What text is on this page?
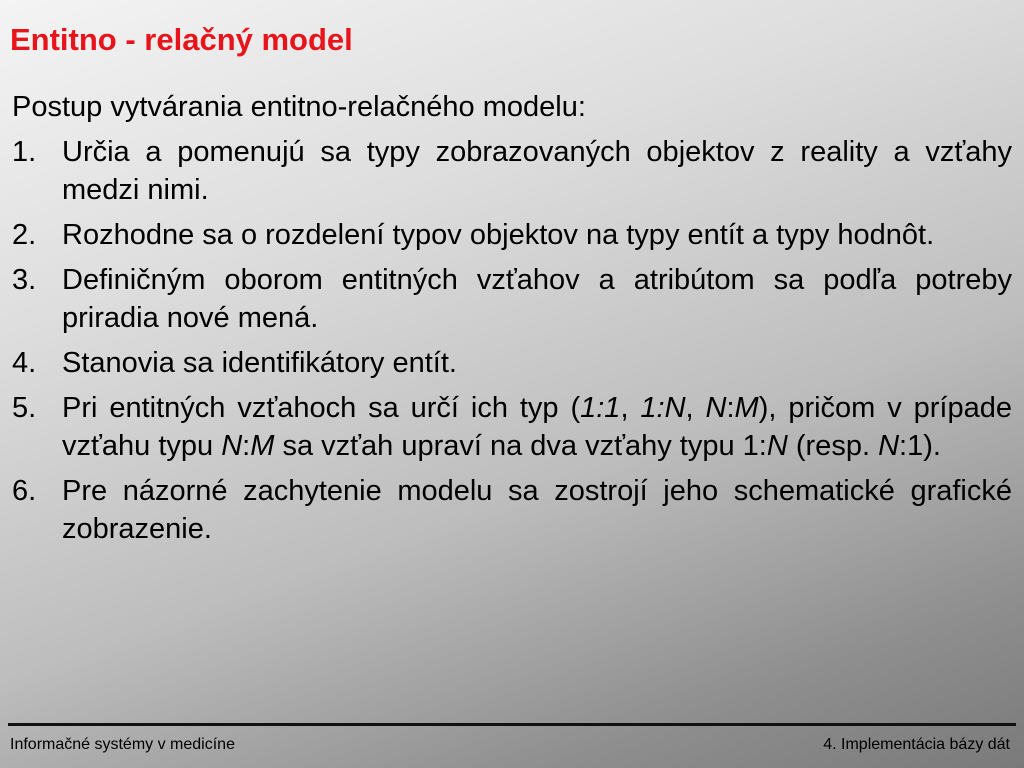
Entitno - relačný model

Postup vytvárania entitno-relačného modelu:

1. Určia a pomenujú sa typy zobrazovaných objektov z reality a vzťahy medzi nimi.
2. Rozhodne sa o rozdelení typov objektov na typy entít a typy hodnôt.
3. Definičným oborom entitných vzťahov a atribútom sa podľa potreby priradia nové mená.
4. Stanovia sa identifikátory entít.
5. Pri entitných vzťahoch sa určí ich typ (1:1, 1:N, N:M), pričom v prípade vzťahu typu N:M sa vzťah upraví na dva vzťahy typu 1:N (resp. N:1).
6. Pre názorné zachytenie modelu sa zostrojí jeho schematické grafické zobrazenie.
Informačné systémy v medicíne	4. Implementácia bázy dát
